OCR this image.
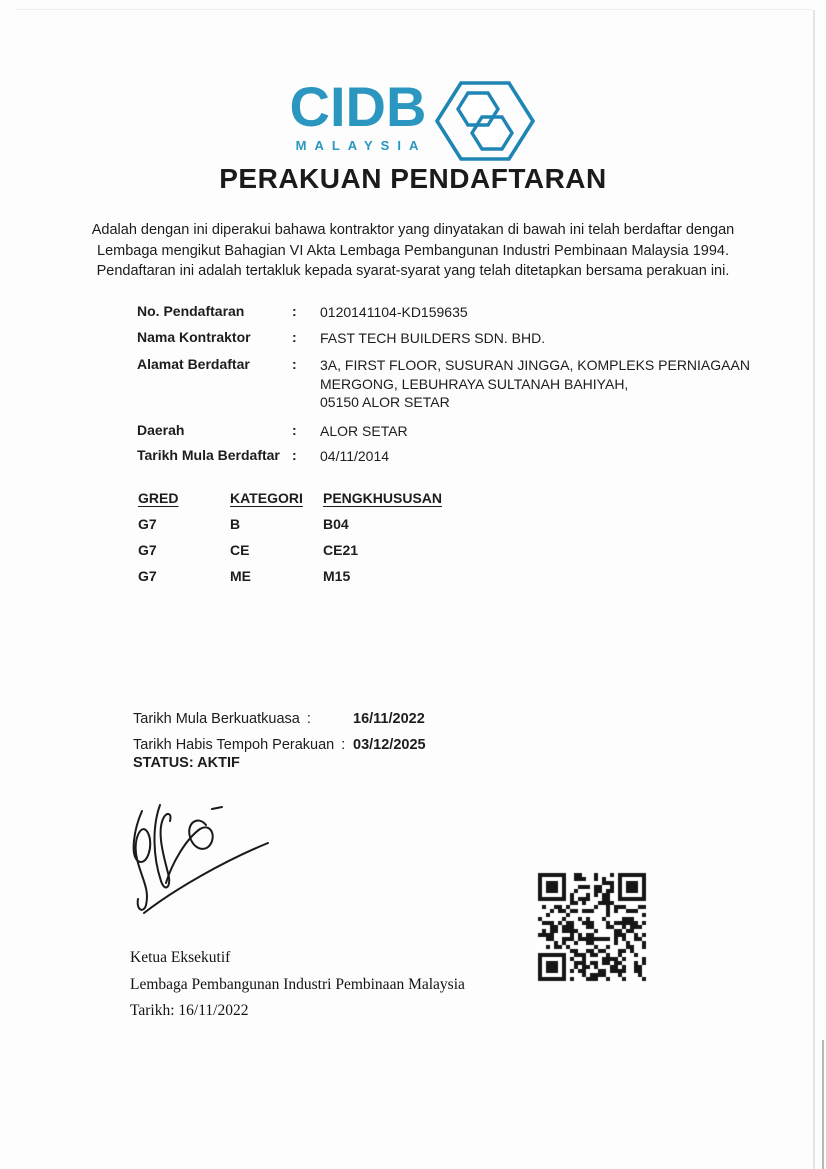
CIDB
MALAYSIA
PERAKUAN PENDAFTARAN
Adalah dengan ini diperakui bahawa kontraktor yang dinyatakan di bawah ini telah berdaftar dengan
Lembaga mengikut Bahagian VI Akta Lembaga Pembangunan Industri Pembinaan Malaysia 1994.
Pendaftaran ini adalah tertakluk kepada syarat-syarat yang telah ditetapkan bersama perakuan ini.
No. Pendaftaran	: 0120141104-KD159635
Nama Kontraktor	: FAST TECH BUILDERS SDN. BHD.
Alamat Berdaftar	: 3A, FIRST FLOOR, SUSURAN JINGGA, KOMPLEKS PERNIAGAAN
MERGONG, LEBUHRAYA SULTANAH BAHIYAH,
05150 ALOR SETAR
Daerah	: ALOR SETAR
Tarikh Mula Berdaftar : 04/11/2014
GRED	KATEGORI PENGKHUSUSAN
G7	B	B04
G7	CE	CE21
G7	ME	M15
Tarikh Mula Berkuatkuasa :	16/11/2022
Tarikh Habis Tempoh Perakuan : 03/12/2025
STATUS: AKTIF
Ketua Eksekutif
Lembaga Pembangunan Industri Pembinaan Malaysia
Tarikh: 16/11/2022
